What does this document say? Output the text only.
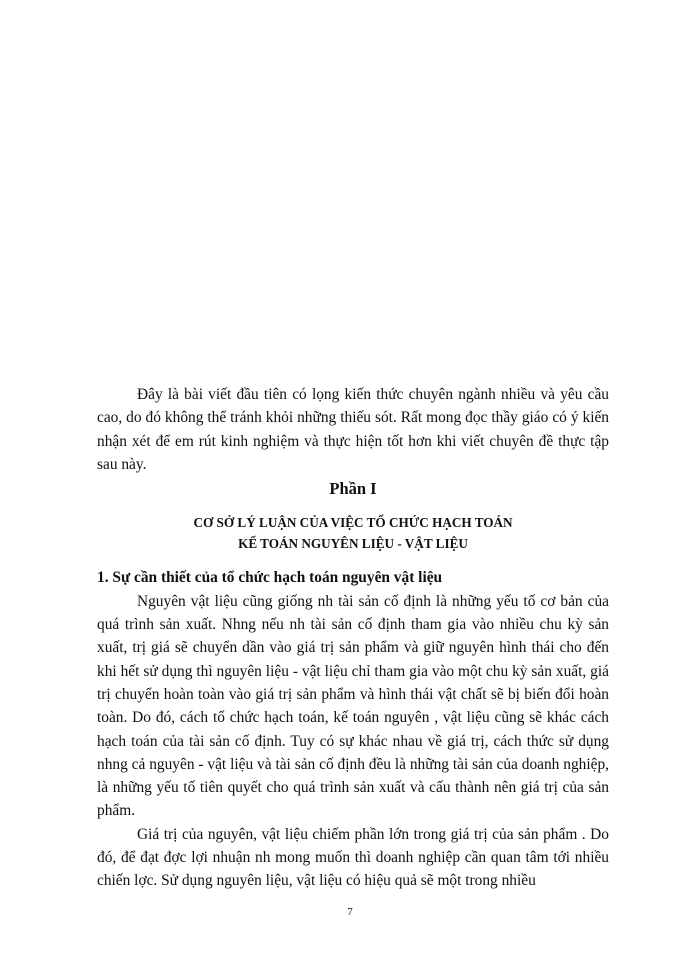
Đây là bài viết đầu tiên có lọng kiến thức chuyên ngành nhiều và yêu cầu cao, do đó không thể tránh khỏi những thiếu sót. Rất mong đọc thầy giáo có ý kiến nhận xét để em rút kinh nghiệm và thực hiện tốt hơn khi viết chuyên đề thực tập sau này.

Phần I

CƠ SỞ LÝ LUẬN CỦA VIỆC TỔ CHỨC HẠCH TOÁN

KẾ TOÁN NGUYÊN LIỆU - VẬT LIỆU

1. Sự cần thiết của tổ chức hạch toán nguyên vật liệu

Nguyên vật liệu cũng giống nh tài sản cố định là những yếu tố cơ bản của quá trình sản xuất. Nhng nếu nh tài sản cố định tham gia vào nhiều chu kỳ sản xuất, trị giá sẽ chuyển dần vào giá trị sản phẩm và giữ nguyên hình thái cho đến khi hết sử dụng thì nguyên liệu - vật liệu chỉ tham gia vào một chu kỳ sản xuất, giá trị chuyển hoàn toàn vào giá trị sản phẩm và hình thái vật chất sẽ bị biến đổi hoàn toàn. Do đó, cách tổ chức hạch toán, kế toán nguyên , vật liệu cũng sẽ khác cách hạch toán của tài sản cố định. Tuy có sự khác nhau về giá trị, cách thức sử dụng nhng cả nguyên - vật liệu và tài sản cố định đều là những tài sản của doanh nghiệp, là những yếu tố tiên quyết cho quá trình sản xuất và cấu thành nên giá trị của sản phẩm.

Giá trị của nguyên, vật liệu chiếm phần lớn trong giá trị của sản phẩm . Do đó, để đạt đợc lợi nhuận nh mong muốn thì doanh nghiệp cần quan tâm tới nhiều chiến lợc. Sử dụng nguyên liệu, vật liệu có hiệu quả sẽ một trong nhiều

7
